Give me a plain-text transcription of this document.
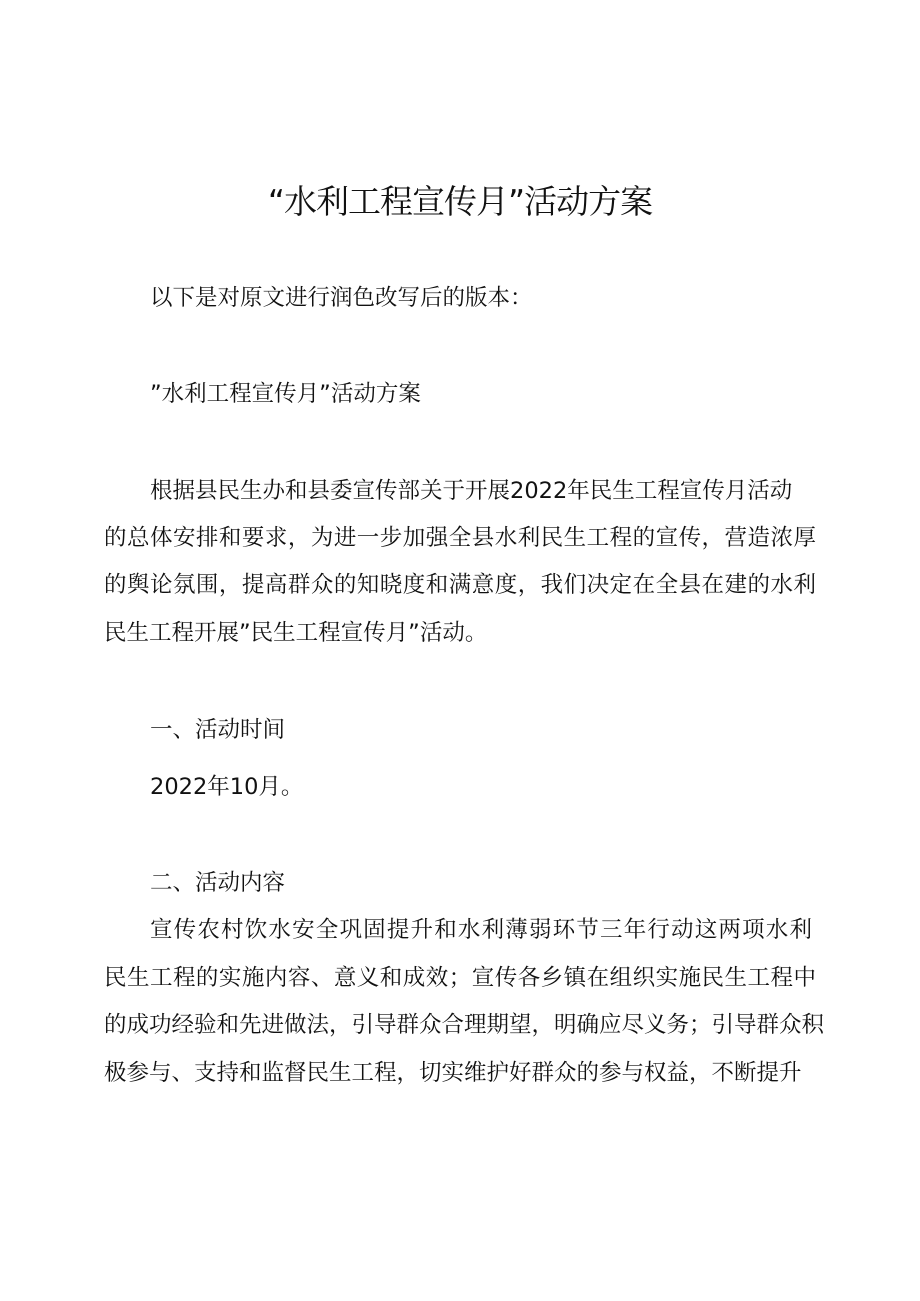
“水利工程宣传月”活动方案

以下是对原文进行润色改写后的版本：

”水利工程宣传月”活动方案

根据县民生办和县委宣传部关于开展2022年民生工程宣传月活动

的总体安排和要求，为进一步加强全县水利民生工程的宣传，营造浓厚

的舆论氛围，提高群众的知晓度和满意度，我们决定在全县在建的水利

民生工程开展”民生工程宣传月”活动。

一、活动时间

2022年10月。

二、活动内容

宣传农村饮水安全巩固提升和水利薄弱环节三年行动这两项水利

民生工程的实施内容、意义和成效；宣传各乡镇在组织实施民生工程中

的成功经验和先进做法，引导群众合理期望，明确应尽义务；引导群众积

极参与、支持和监督民生工程，切实维护好群众的参与权益，不断提升
